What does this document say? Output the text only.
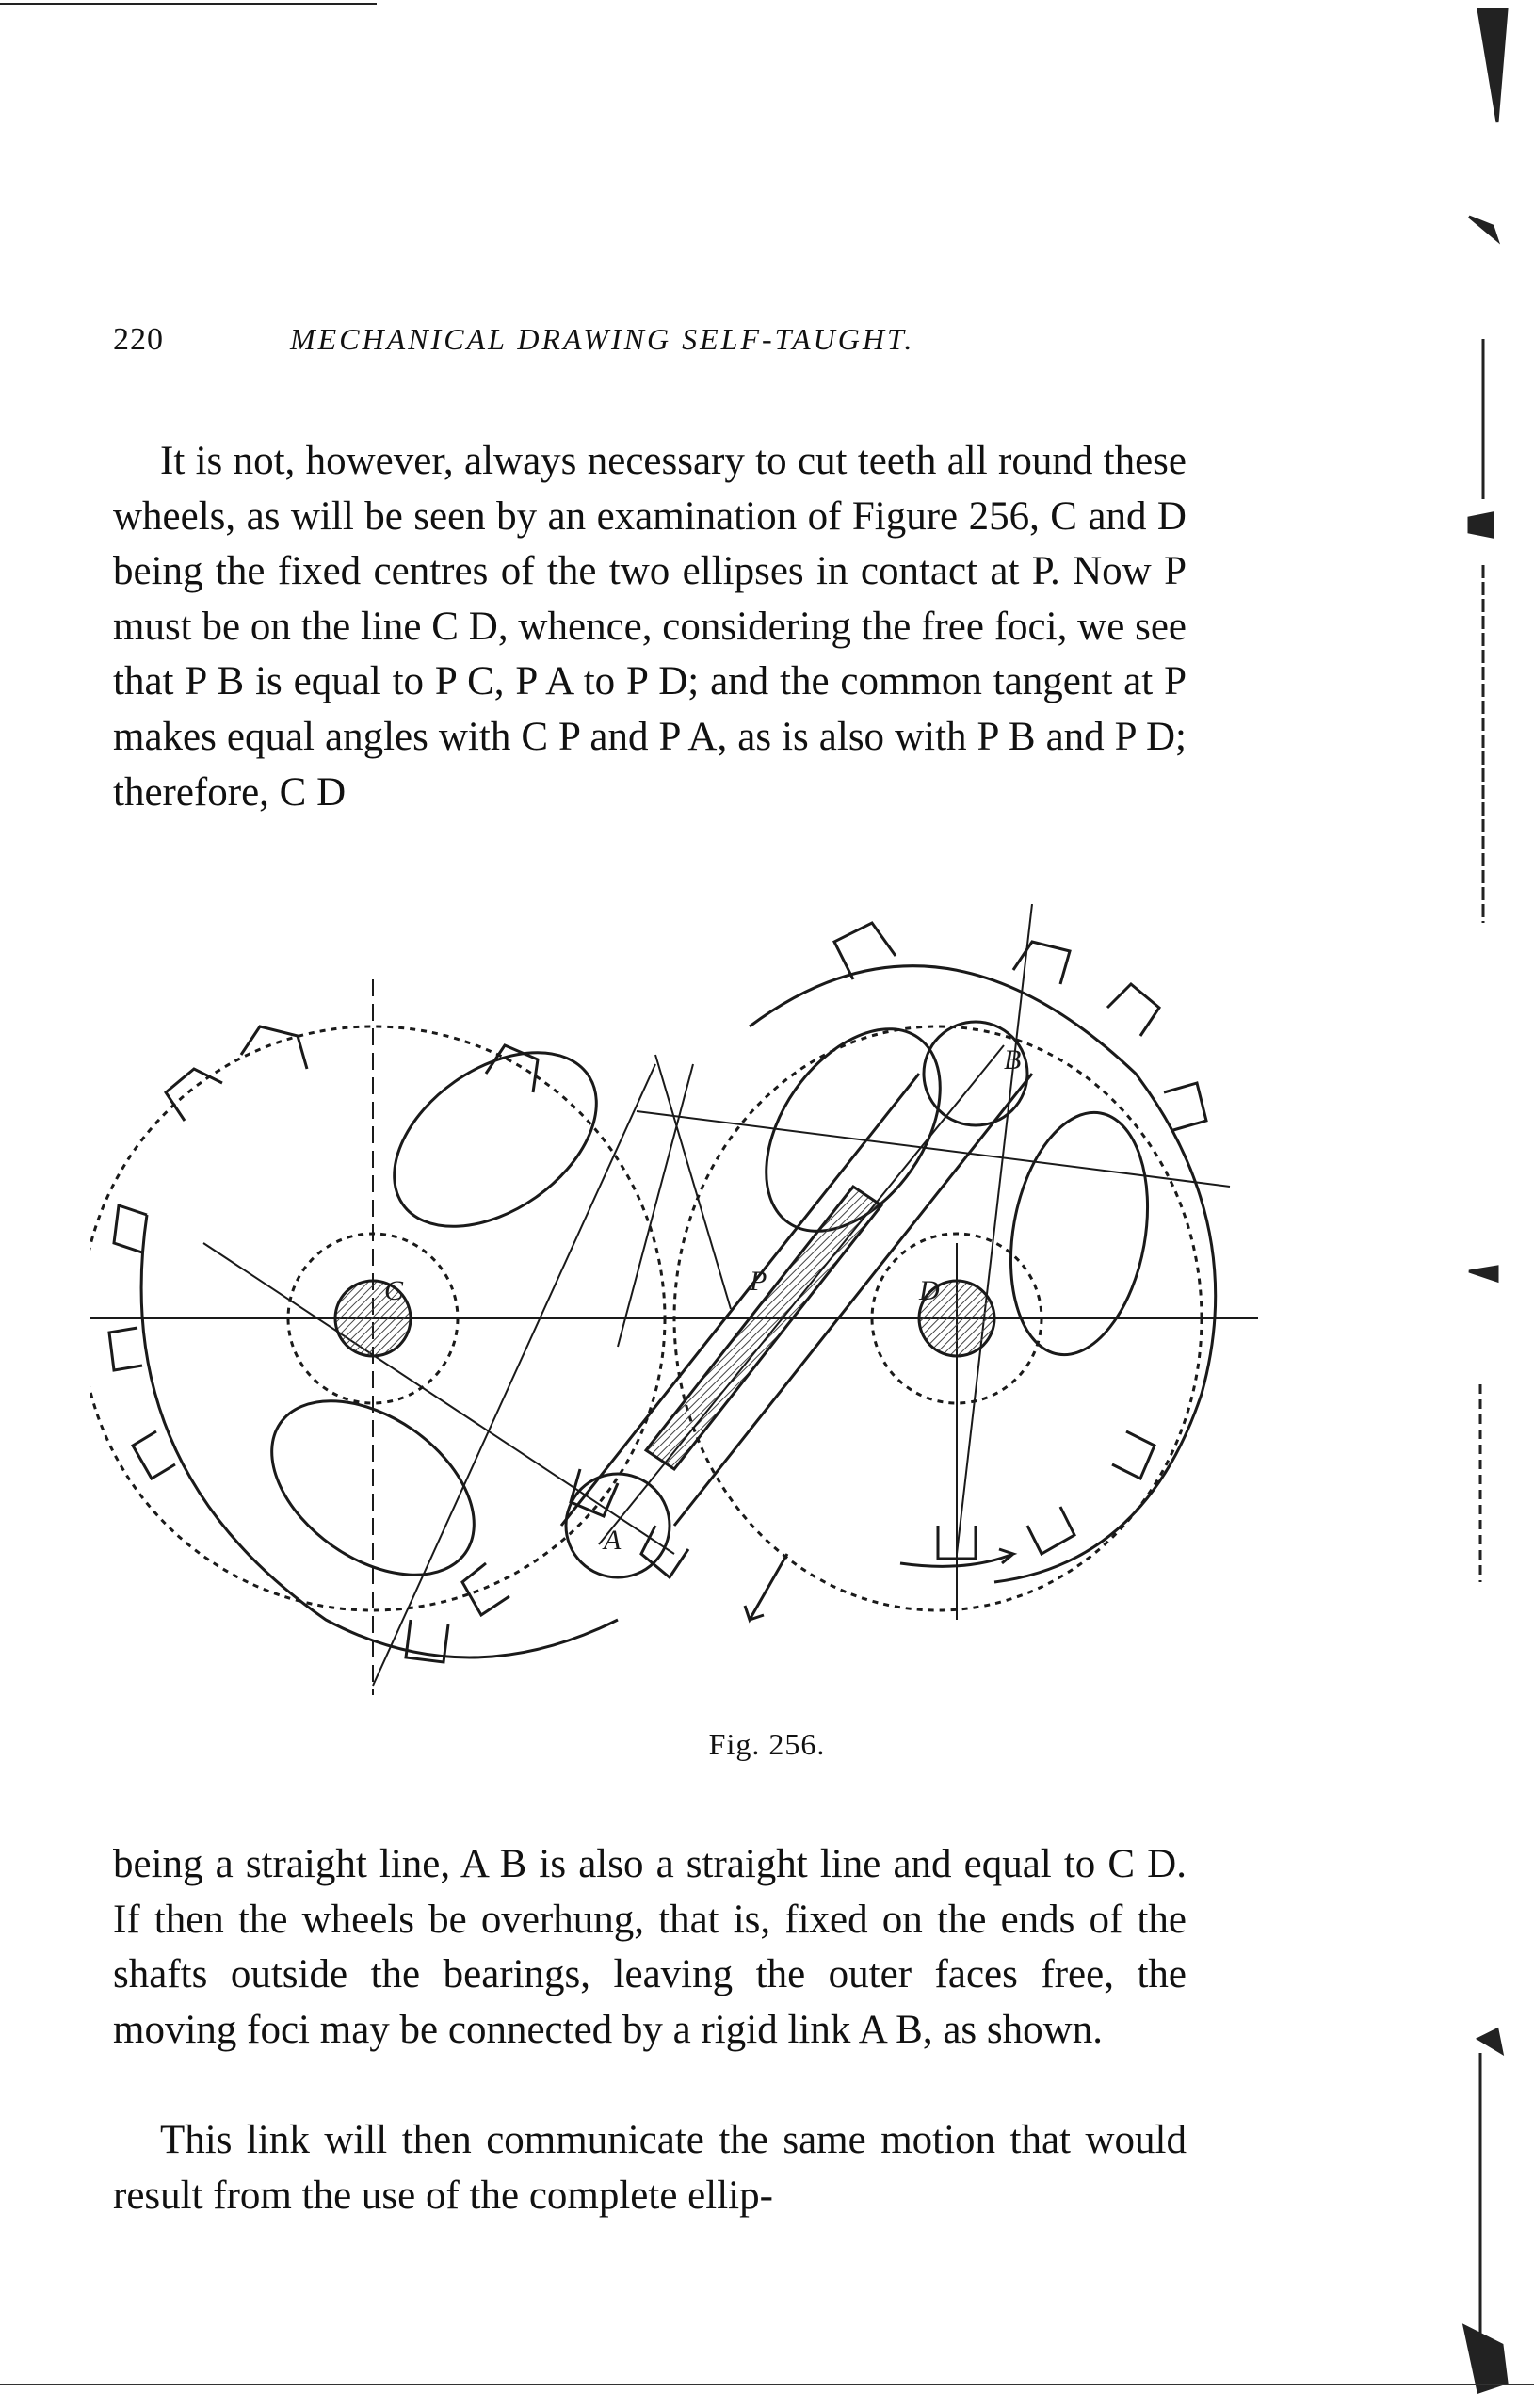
220	MECHANICAL DRAWING SELF-TAUGHT.

It is not, however, always necessary to cut teeth all round these wheels, as will be seen by an examination of Figure 256, C and D being the fixed centres of the two ellipses in contact at P. Now P must be on the line C D, whence, considering the free foci, we see that P B is equal to P C, P A to P D; and the common tangent at P makes equal angles with C P and P A, as is also with P B and P D; therefore, C D

C	D
P
A
B
Fig. 256.

being a straight line, A B is also a straight line and equal to C D. If then the wheels be overhung, that is, fixed on the ends of the shafts outside the bearings, leaving the outer faces free, the moving foci may be connected by a rigid link A B, as shown.

This link will then communicate the same motion that would result from the use of the complete ellip-
